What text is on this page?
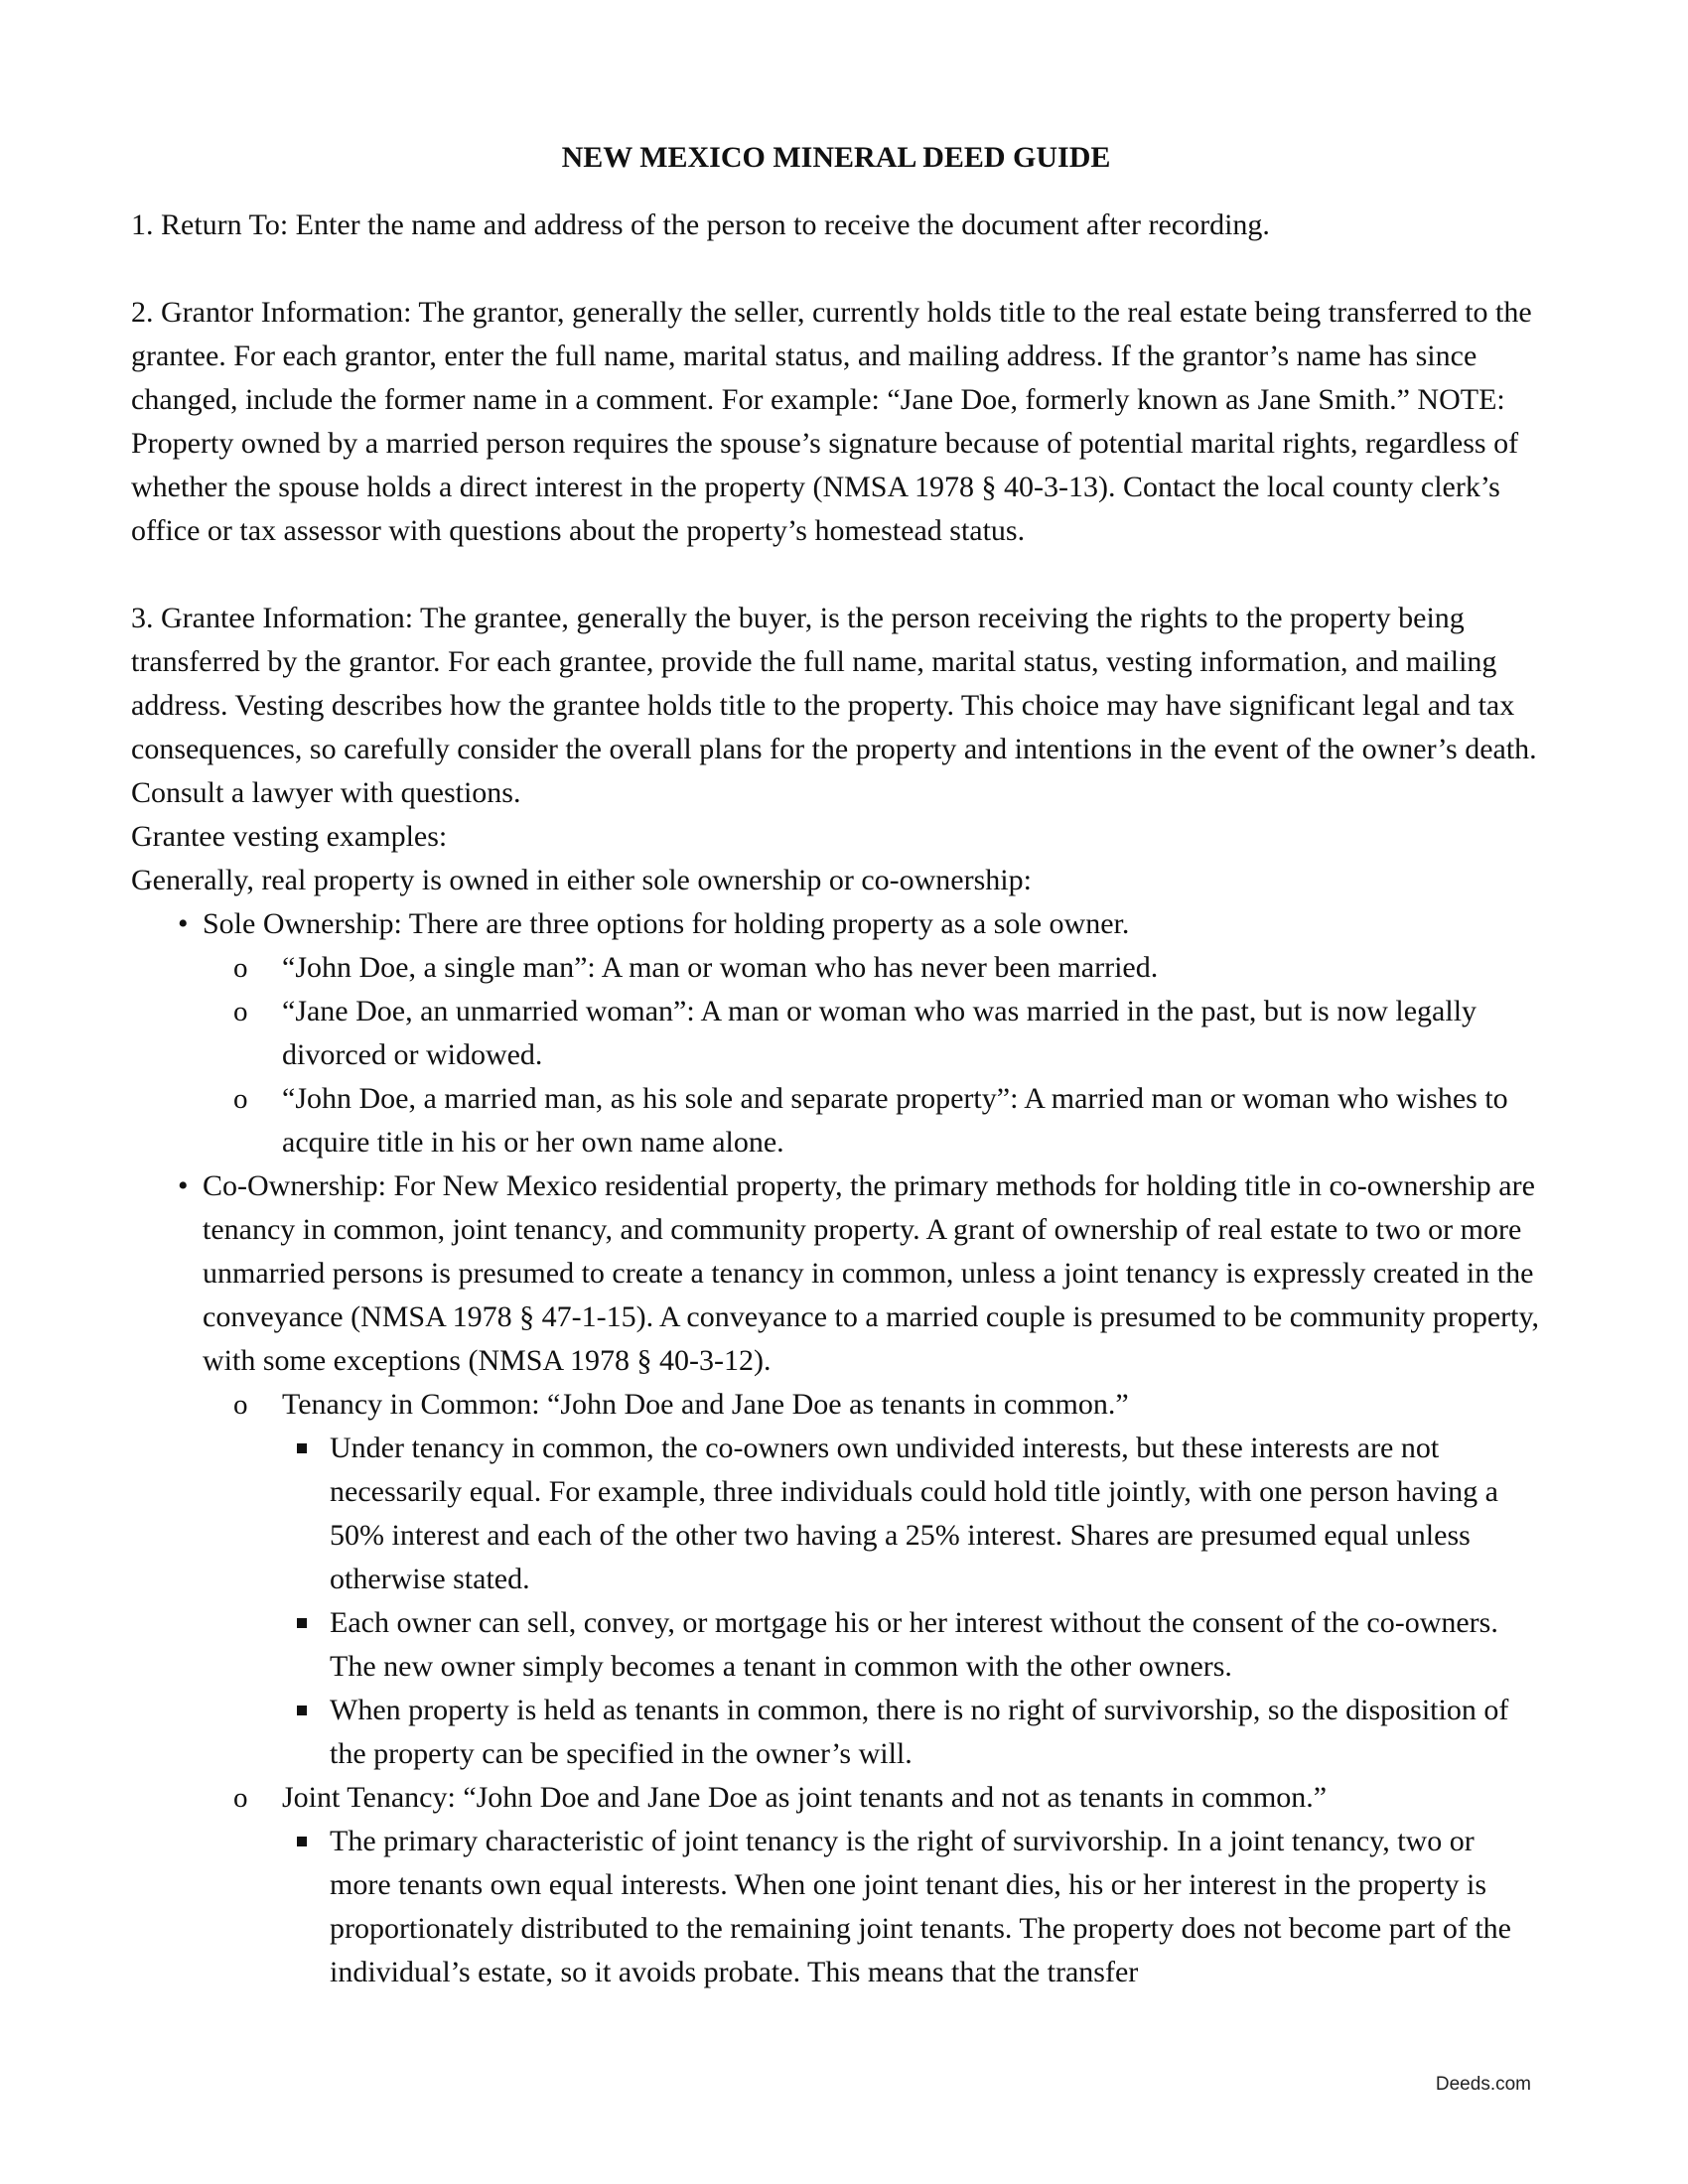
NEW MEXICO MINERAL DEED GUIDE

1. Return To: Enter the name and address of the person to receive the document after recording.

2. Grantor Information: The grantor, generally the seller, currently holds title to the real estate being transferred to the grantee. For each grantor, enter the full name, marital status, and mailing address. If the grantor’s name has since changed, include the former name in a comment. For example: “Jane Doe, formerly known as Jane Smith.” NOTE: Property owned by a married person requires the spouse’s signature because of potential marital rights, regardless of whether the spouse holds a direct interest in the property (NMSA 1978 § 40-3-13). Contact the local county clerk’s office or tax assessor with questions about the property’s homestead status.

3. Grantee Information: The grantee, generally the buyer, is the person receiving the rights to the property being transferred by the grantor. For each grantee, provide the full name, marital status, vesting information, and mailing address. Vesting describes how the grantee holds title to the property. This choice may have significant legal and tax consequences, so carefully consider the overall plans for the property and intentions in the event of the owner’s death. Consult a lawyer with questions.

Grantee vesting examples:

Generally, real property is owned in either sole ownership or co-ownership:

• Sole Ownership: There are three options for holding property as a sole owner.
o “John Doe, a single man”: A man or woman who has never been married.
o “Jane Doe, an unmarried woman”: A man or woman who was married in the past, but is now legally divorced or widowed.
o “John Doe, a married man, as his sole and separate property”: A married man or woman who wishes to acquire title in his or her own name alone.
• Co-Ownership: For New Mexico residential property, the primary methods for holding title in co-ownership are tenancy in common, joint tenancy, and community property. A grant of ownership of real estate to two or more unmarried persons is presumed to create a tenancy in common, unless a joint tenancy is expressly created in the conveyance (NMSA 1978 § 47-1-15). A conveyance to a married couple is presumed to be community property, with some exceptions (NMSA 1978 § 40-3-12).
o Tenancy in Common: “John Doe and Jane Doe as tenants in common.”
Under tenancy in common, the co-owners own undivided interests, but these interests are not necessarily equal. For example, three individuals could hold title jointly, with one person having a 50% interest and each of the other two having a 25% interest. Shares are presumed equal unless otherwise stated.
Each owner can sell, convey, or mortgage his or her interest without the consent of the co-owners. The new owner simply becomes a tenant in common with the other owners.
When property is held as tenants in common, there is no right of survivorship, so the disposition of the property can be specified in the owner’s will.
o Joint Tenancy: “John Doe and Jane Doe as joint tenants and not as tenants in common.”
The primary characteristic of joint tenancy is the right of survivorship. In a joint tenancy, two or more tenants own equal interests. When one joint tenant dies, his or her interest in the property is proportionately distributed to the remaining joint tenants. The property does not become part of the individual’s estate, so it avoids probate. This means that the transfer
Deeds.com
